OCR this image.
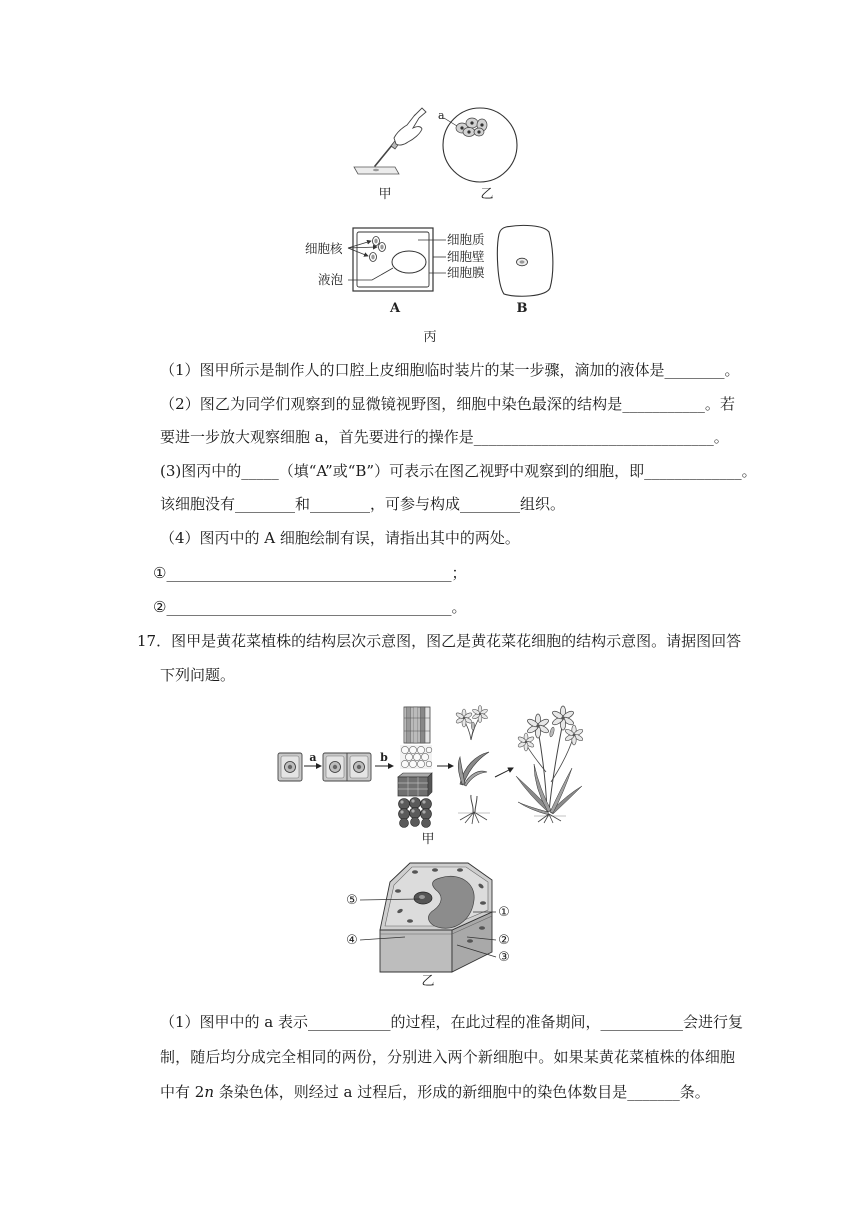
甲
a
乙
细胞核
液泡
细胞质
细胞壁
细胞膜
A	B
丙
（1）图甲所示是制作人的口腔上皮细胞临时装片的某一步骤，滴加的液体是________。
（2）图乙为同学们观察到的显微镜视野图，细胞中染色最深的结构是___________。若
要进一步放大观察细胞 a，首先要进行的操作是________________________________。
(3)图丙中的_____（填“A”或“B”）可表示在图乙视野中观察到的细胞，即_____________。
该细胞没有________和________，可参与构成________组织。
（4）图丙中的 A 细胞绘制有误，请指出其中的两处。
①______________________________________；
②______________________________________。
17．图甲是黄花菜植株的结构层次示意图，图乙是黄花菜花细胞的结构示意图。请据图回答
下列问题。
a	b
甲
⑤
①
④	②
③
乙
（1）图甲中的 a 表示___________的过程，在此过程的准备期间，___________会进行复
制，随后均分成完全相同的两份，分别进入两个新细胞中。如果某黄花菜植株的体细胞
中有 2n 条染色体，则经过 a 过程后，形成的新细胞中的染色体数目是_______条。
